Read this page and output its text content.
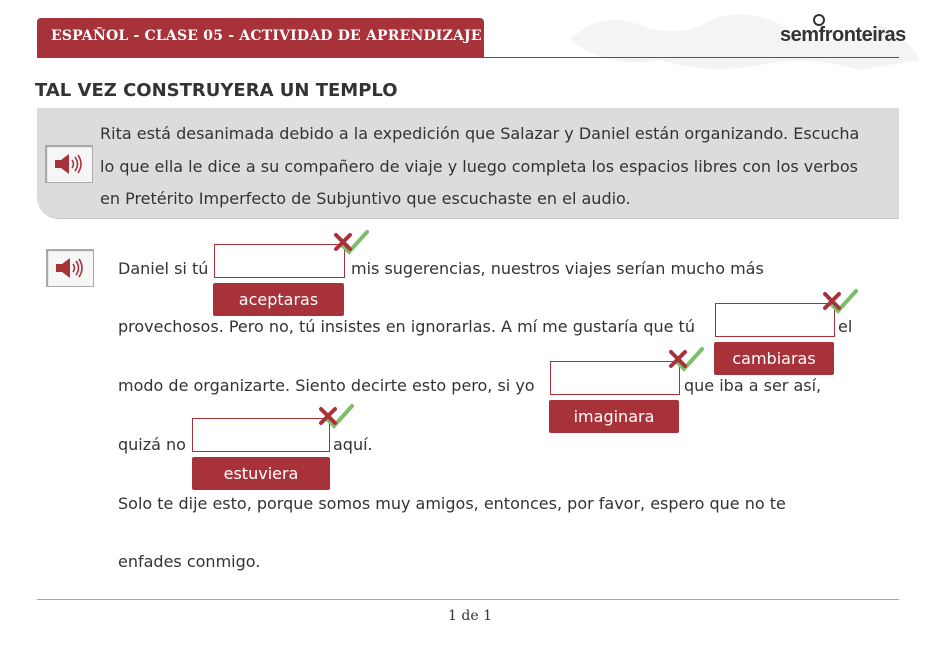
ESPAÑOL - CLASE 05 - ACTIVIDAD DE APRENDIZAJE	semfronteiras
TAL VEZ CONSTRUYERA UN TEMPLO
Rita está desanimada debido a la expedición que Salazar y Daniel están organizando. Escucha lo que ella le dice a su compañero de viaje y luego completa los espacios libres con los verbos en Pretérito Imperfecto de Subjuntivo que escuchaste en el audio.
Daniel si tú	mis sugerencias, nuestros viajes serían mucho más
provechosos. Pero no, tú insistes en ignorarlas. A mí me gustaría que tú	el
modo de organizarte. Siento decirte esto pero, si yo	que iba a ser así,
quizá no	aquí.
Solo te dije esto, porque somos muy amigos, entonces, por favor, espero que no te
enfades conmigo.
aceptaras
cambiaras
imaginara
estuviera
1 de 1
